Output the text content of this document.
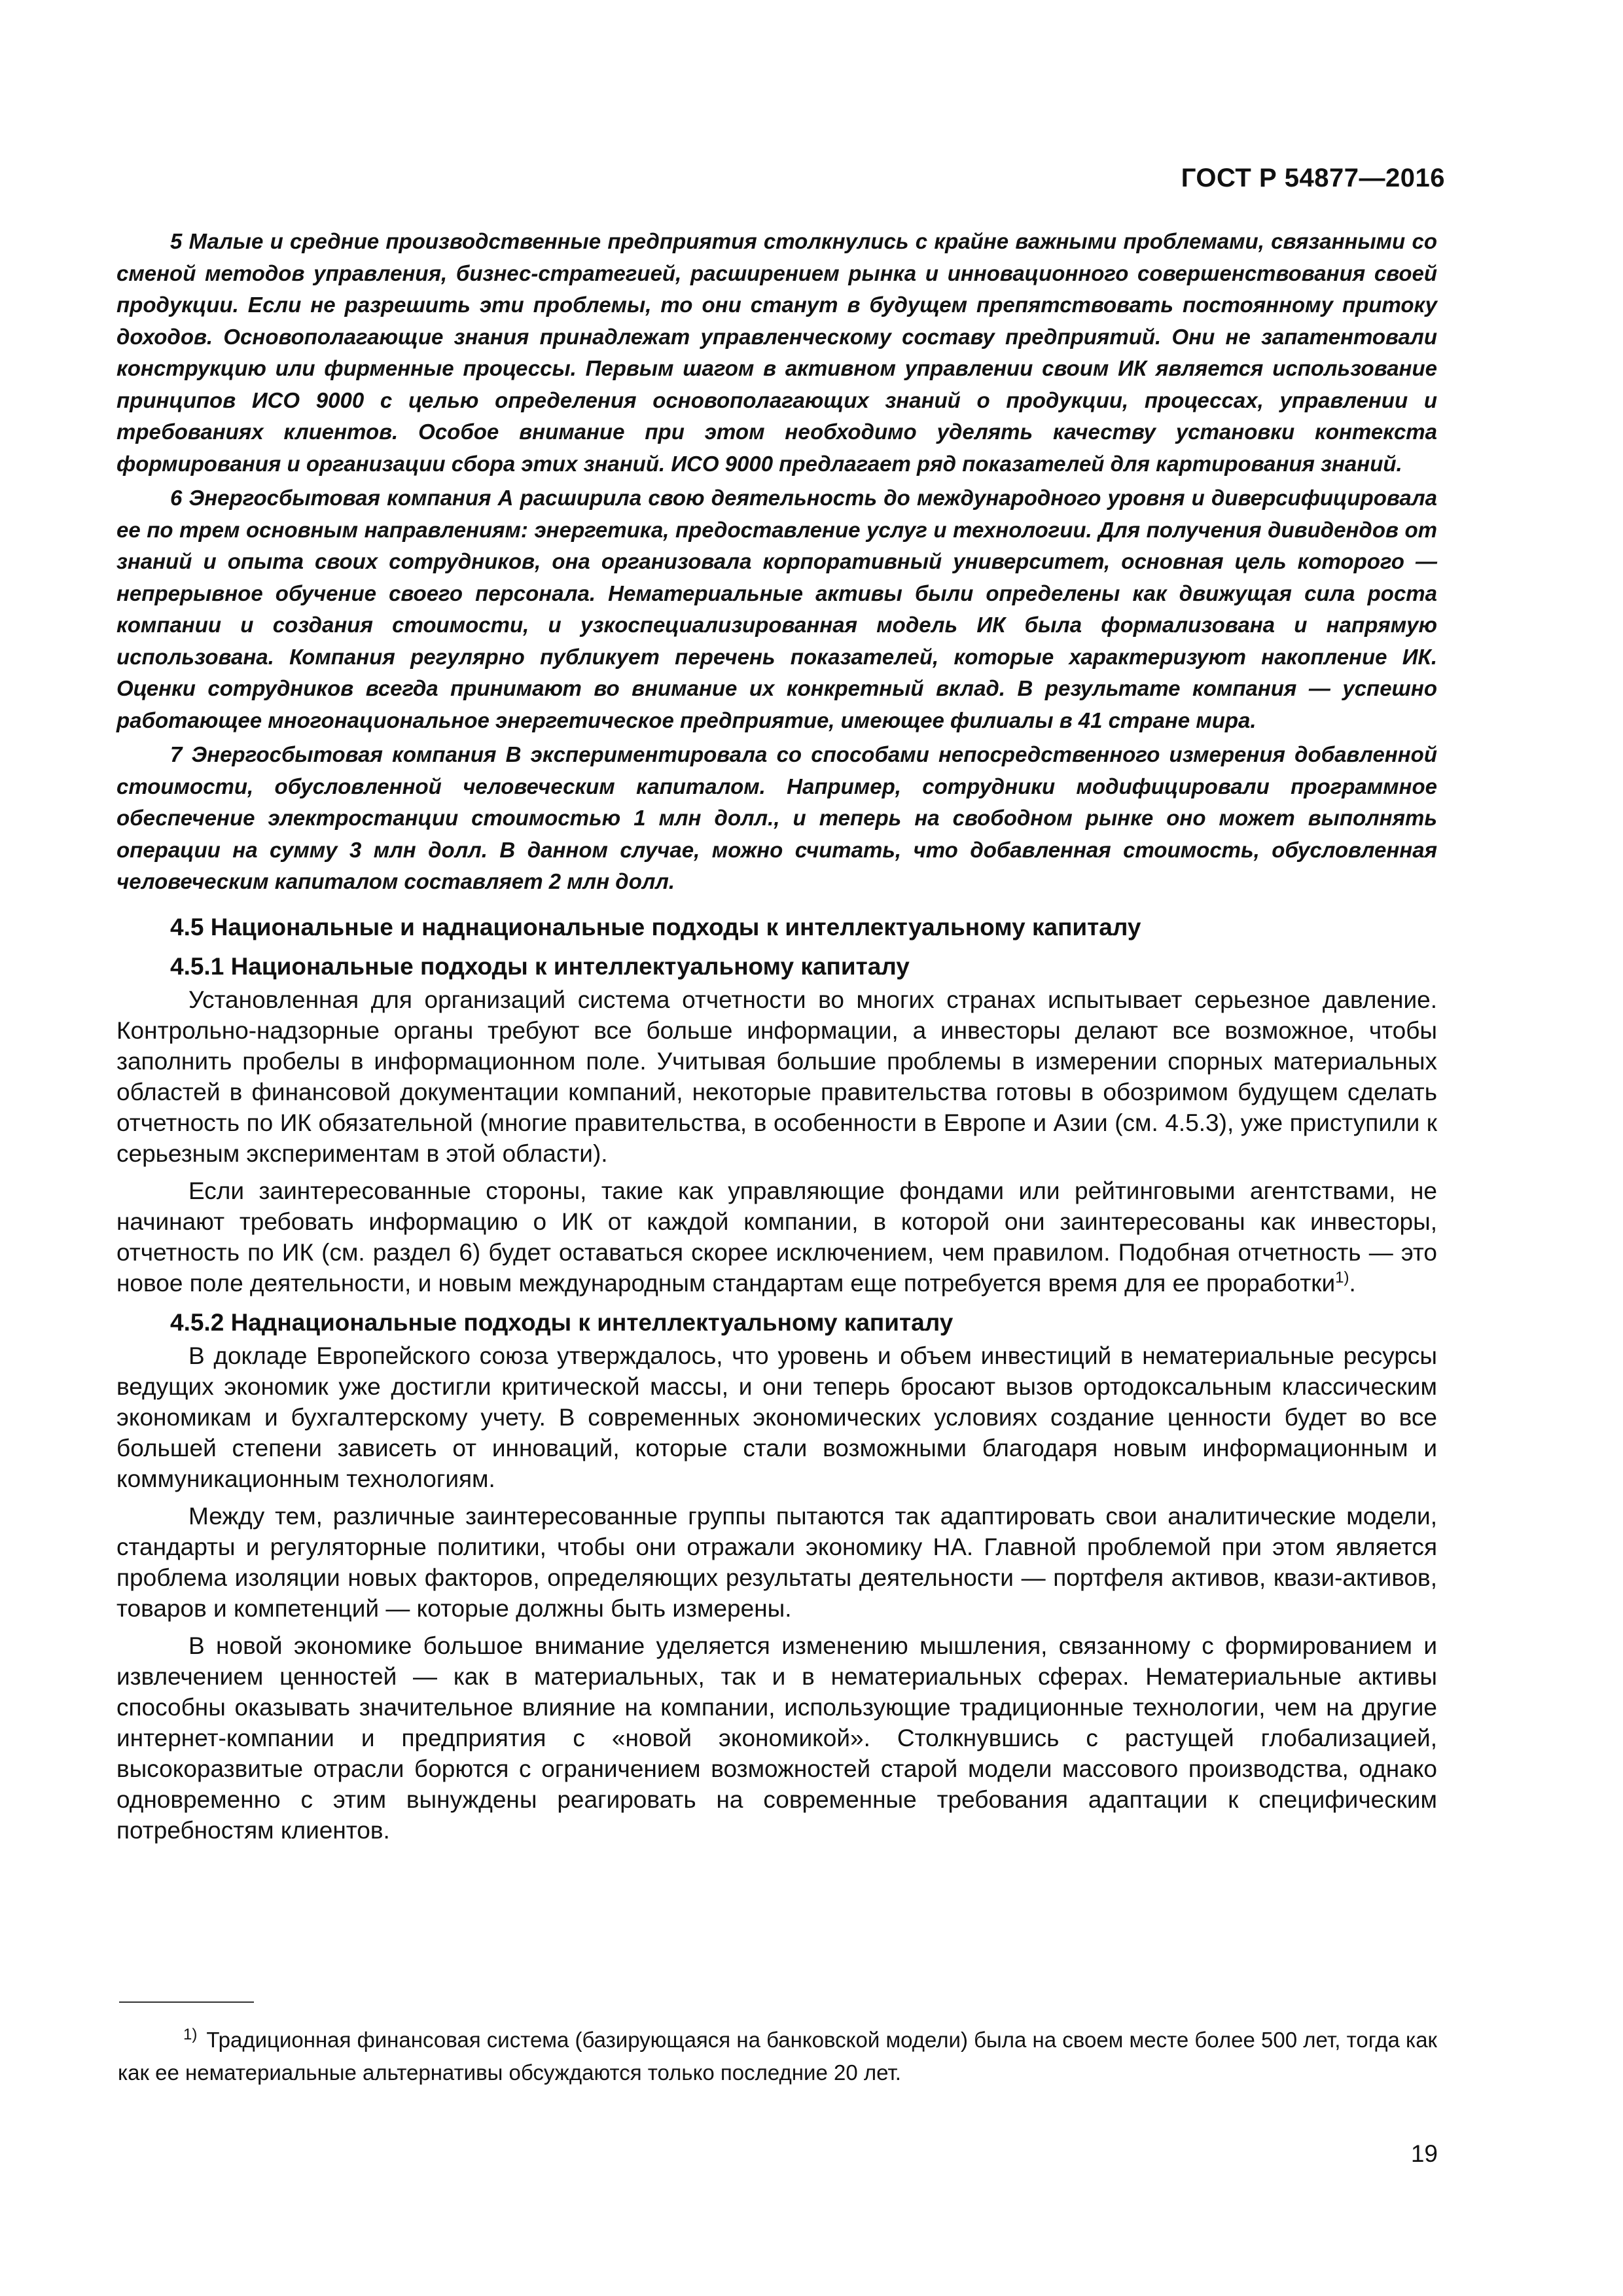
ГОСТ Р 54877—2016

5 Малые и средние производственные предприятия столкнулись с крайне важными проблемами, связанными со сменой методов управления, бизнес-стратегией, расширением рынка и инновационного совершенствования своей продукции. Если не разрешить эти проблемы, то они станут в будущем препятствовать постоянному притоку доходов. Основополагающие знания принадлежат управленческому составу предприятий. Они не запатентовали конструкцию или фирменные процессы. Первым шагом в активном управлении своим ИК является использование принципов ИСО 9000 с целью определения основополагающих знаний о продукции, процессах, управлении и требованиях клиентов. Особое внимание при этом необходимо уделять качеству установки контекста формирования и организации сбора этих знаний. ИСО 9000 предлагает ряд показателей для картирования знаний.

6 Энергосбытовая компания А расширила свою деятельность до международного уровня и диверсифицировала ее по трем основным направлениям: энергетика, предоставление услуг и технологии. Для получения дивидендов от знаний и опыта своих сотрудников, она организовала корпоративный университет, основная цель которого — непрерывное обучение своего персонала. Нематериальные активы были определены как движущая сила роста компании и создания стоимости, и узкоспециализированная модель ИК была формализована и напрямую использована. Компания регулярно публикует перечень показателей, которые характеризуют накопление ИК. Оценки сотрудников всегда принимают во внимание их конкретный вклад. В результате компания — успешно работающее многонациональное энергетическое предприятие, имеющее филиалы в 41 стране мира.

7 Энергосбытовая компания В экспериментировала со способами непосредственного измерения добавленной стоимости, обусловленной человеческим капиталом. Например, сотрудники модифицировали программное обеспечение электростанции стоимостью 1 млн долл., и теперь на свободном рынке оно может выполнять операции на сумму 3 млн долл. В данном случае, можно считать, что добавленная стоимость, обусловленная человеческим капиталом составляет 2 млн долл.

4.5 Национальные и наднациональные подходы к интеллектуальному капиталу

4.5.1 Национальные подходы к интеллектуальному капиталу

Установленная для организаций система отчетности во многих странах испытывает серьезное давление. Контрольно-надзорные органы требуют все больше информации, а инвесторы делают все возможное, чтобы заполнить пробелы в информационном поле. Учитывая большие проблемы в измерении спорных материальных областей в финансовой документации компаний, некоторые правительства готовы в обозримом будущем сделать отчетность по ИК обязательной (многие правительства, в особенности в Европе и Азии (см. 4.5.3), уже приступили к серьезным экспериментам в этой области).

Если заинтересованные стороны, такие как управляющие фондами или рейтинговыми агентствами, не начинают требовать информацию о ИК от каждой компании, в которой они заинтересованы как инвесторы, отчетность по ИК (см. раздел 6) будет оставаться скорее исключением, чем правилом. Подобная отчетность — это новое поле деятельности, и новым международным стандартам еще потребуется время для ее проработки$^{1)}$.

4.5.2 Наднациональные подходы к интеллектуальному капиталу

В докладе Европейского союза утверждалось, что уровень и объем инвестиций в нематериальные ресурсы ведущих экономик уже достигли критической массы, и они теперь бросают вызов ортодоксальным классическим экономикам и бухгалтерскому учету. В современных экономических условиях создание ценности будет во все большей степени зависеть от инноваций, которые стали возможными благодаря новым информационным и коммуникационным технологиям.

Между тем, различные заинтересованные группы пытаются так адаптировать свои аналитические модели, стандарты и регуляторные политики, чтобы они отражали экономику НА. Главной проблемой при этом является проблема изоляции новых факторов, определяющих результаты деятельности — портфеля активов, квази-активов, товаров и компетенций — которые должны быть измерены.

В новой экономике большое внимание уделяется изменению мышления, связанному с формированием и извлечением ценностей — как в материальных, так и в нематериальных сферах. Нематериальные активы способны оказывать значительное влияние на компании, использующие традиционные технологии, чем на другие интернет-компании и предприятия с «новой экономикой». Столкнувшись с растущей глобализацией, высокоразвитые отрасли борются с ограничением возможностей старой модели массового производства, однако одновременно с этим вынуждены реагировать на современные требования адаптации к специфическим потребностям клиентов.

$^{1)}$ Традиционная финансовая система (базирующаяся на банковской модели) была на своем месте более 500 лет, тогда как как ее нематериальные альтернативы обсуждаются только последние 20 лет.

19
